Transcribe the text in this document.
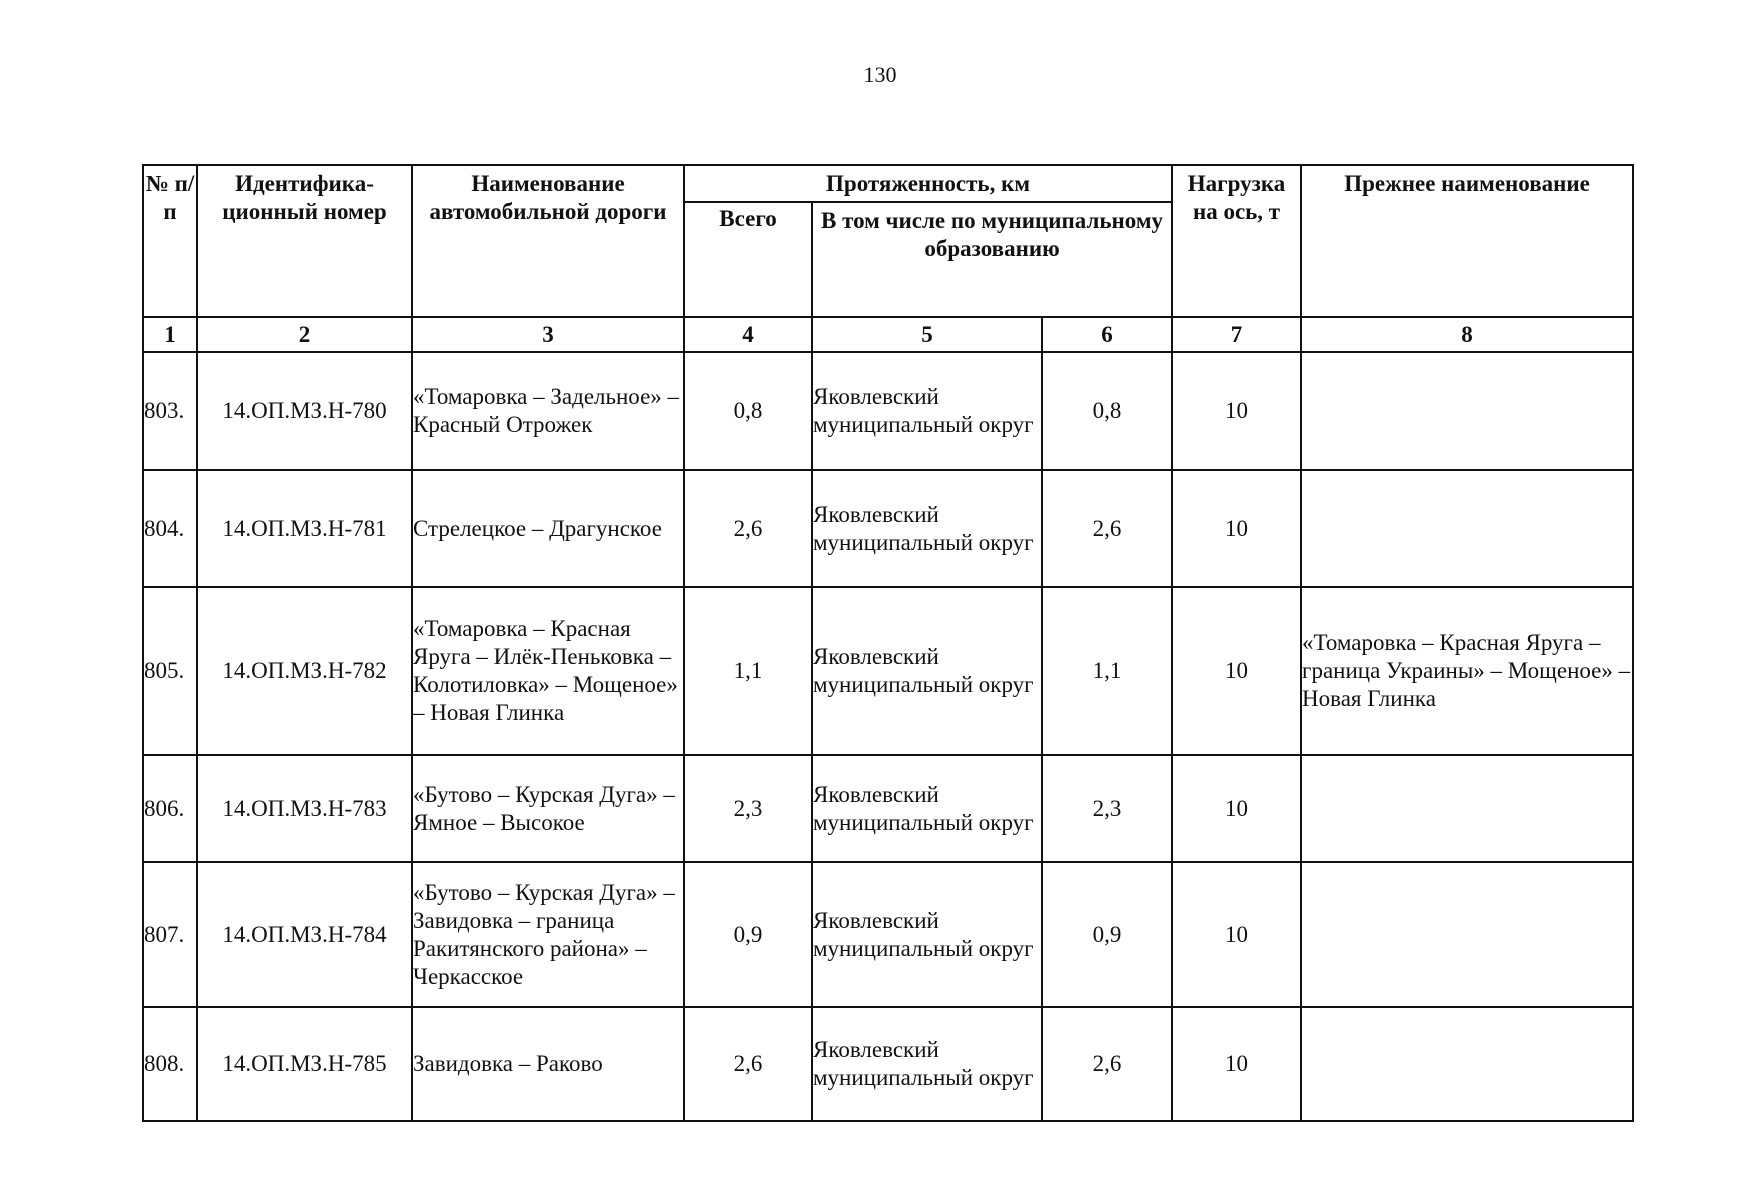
130
№ п/п	Идентифика-ционный номер	Наименование автомобильной дороги	Протяженность, км			Нагрузка на ось, т	Прежнее наименование
			Всего	В том числе по муниципальному образованию			
1	2	3	4	5	6	7	8
803.	14.ОП.МЗ.Н-780	«Томаровка – Задельное» – Красный Отрожек	0,8	Яковлевский муниципальный округ	0,8	10	
804.	14.ОП.МЗ.Н-781	Стрелецкое – Драгунское	2,6	Яковлевский муниципальный округ	2,6	10	
805.	14.ОП.МЗ.Н-782	«Томаровка – Красная Яруга – Илёк-Пеньковка – Колотиловка» – Мощеное» – Новая Глинка	1,1	Яковлевский муниципальный округ	1,1	10	«Томаровка – Красная Яруга – граница Украины» – Мощеное» – Новая Глинка
806.	14.ОП.МЗ.Н-783	«Бутово – Курская Дуга» – Ямное – Высокое	2,3	Яковлевский муниципальный округ	2,3	10	
807.	14.ОП.МЗ.Н-784	«Бутово – Курская Дуга» – Завидовка – граница Ракитянского района» – Черкасское	0,9	Яковлевский муниципальный округ	0,9	10	
808.	14.ОП.МЗ.Н-785	Завидовка – Раково	2,6	Яковлевский муниципальный округ	2,6	10	
